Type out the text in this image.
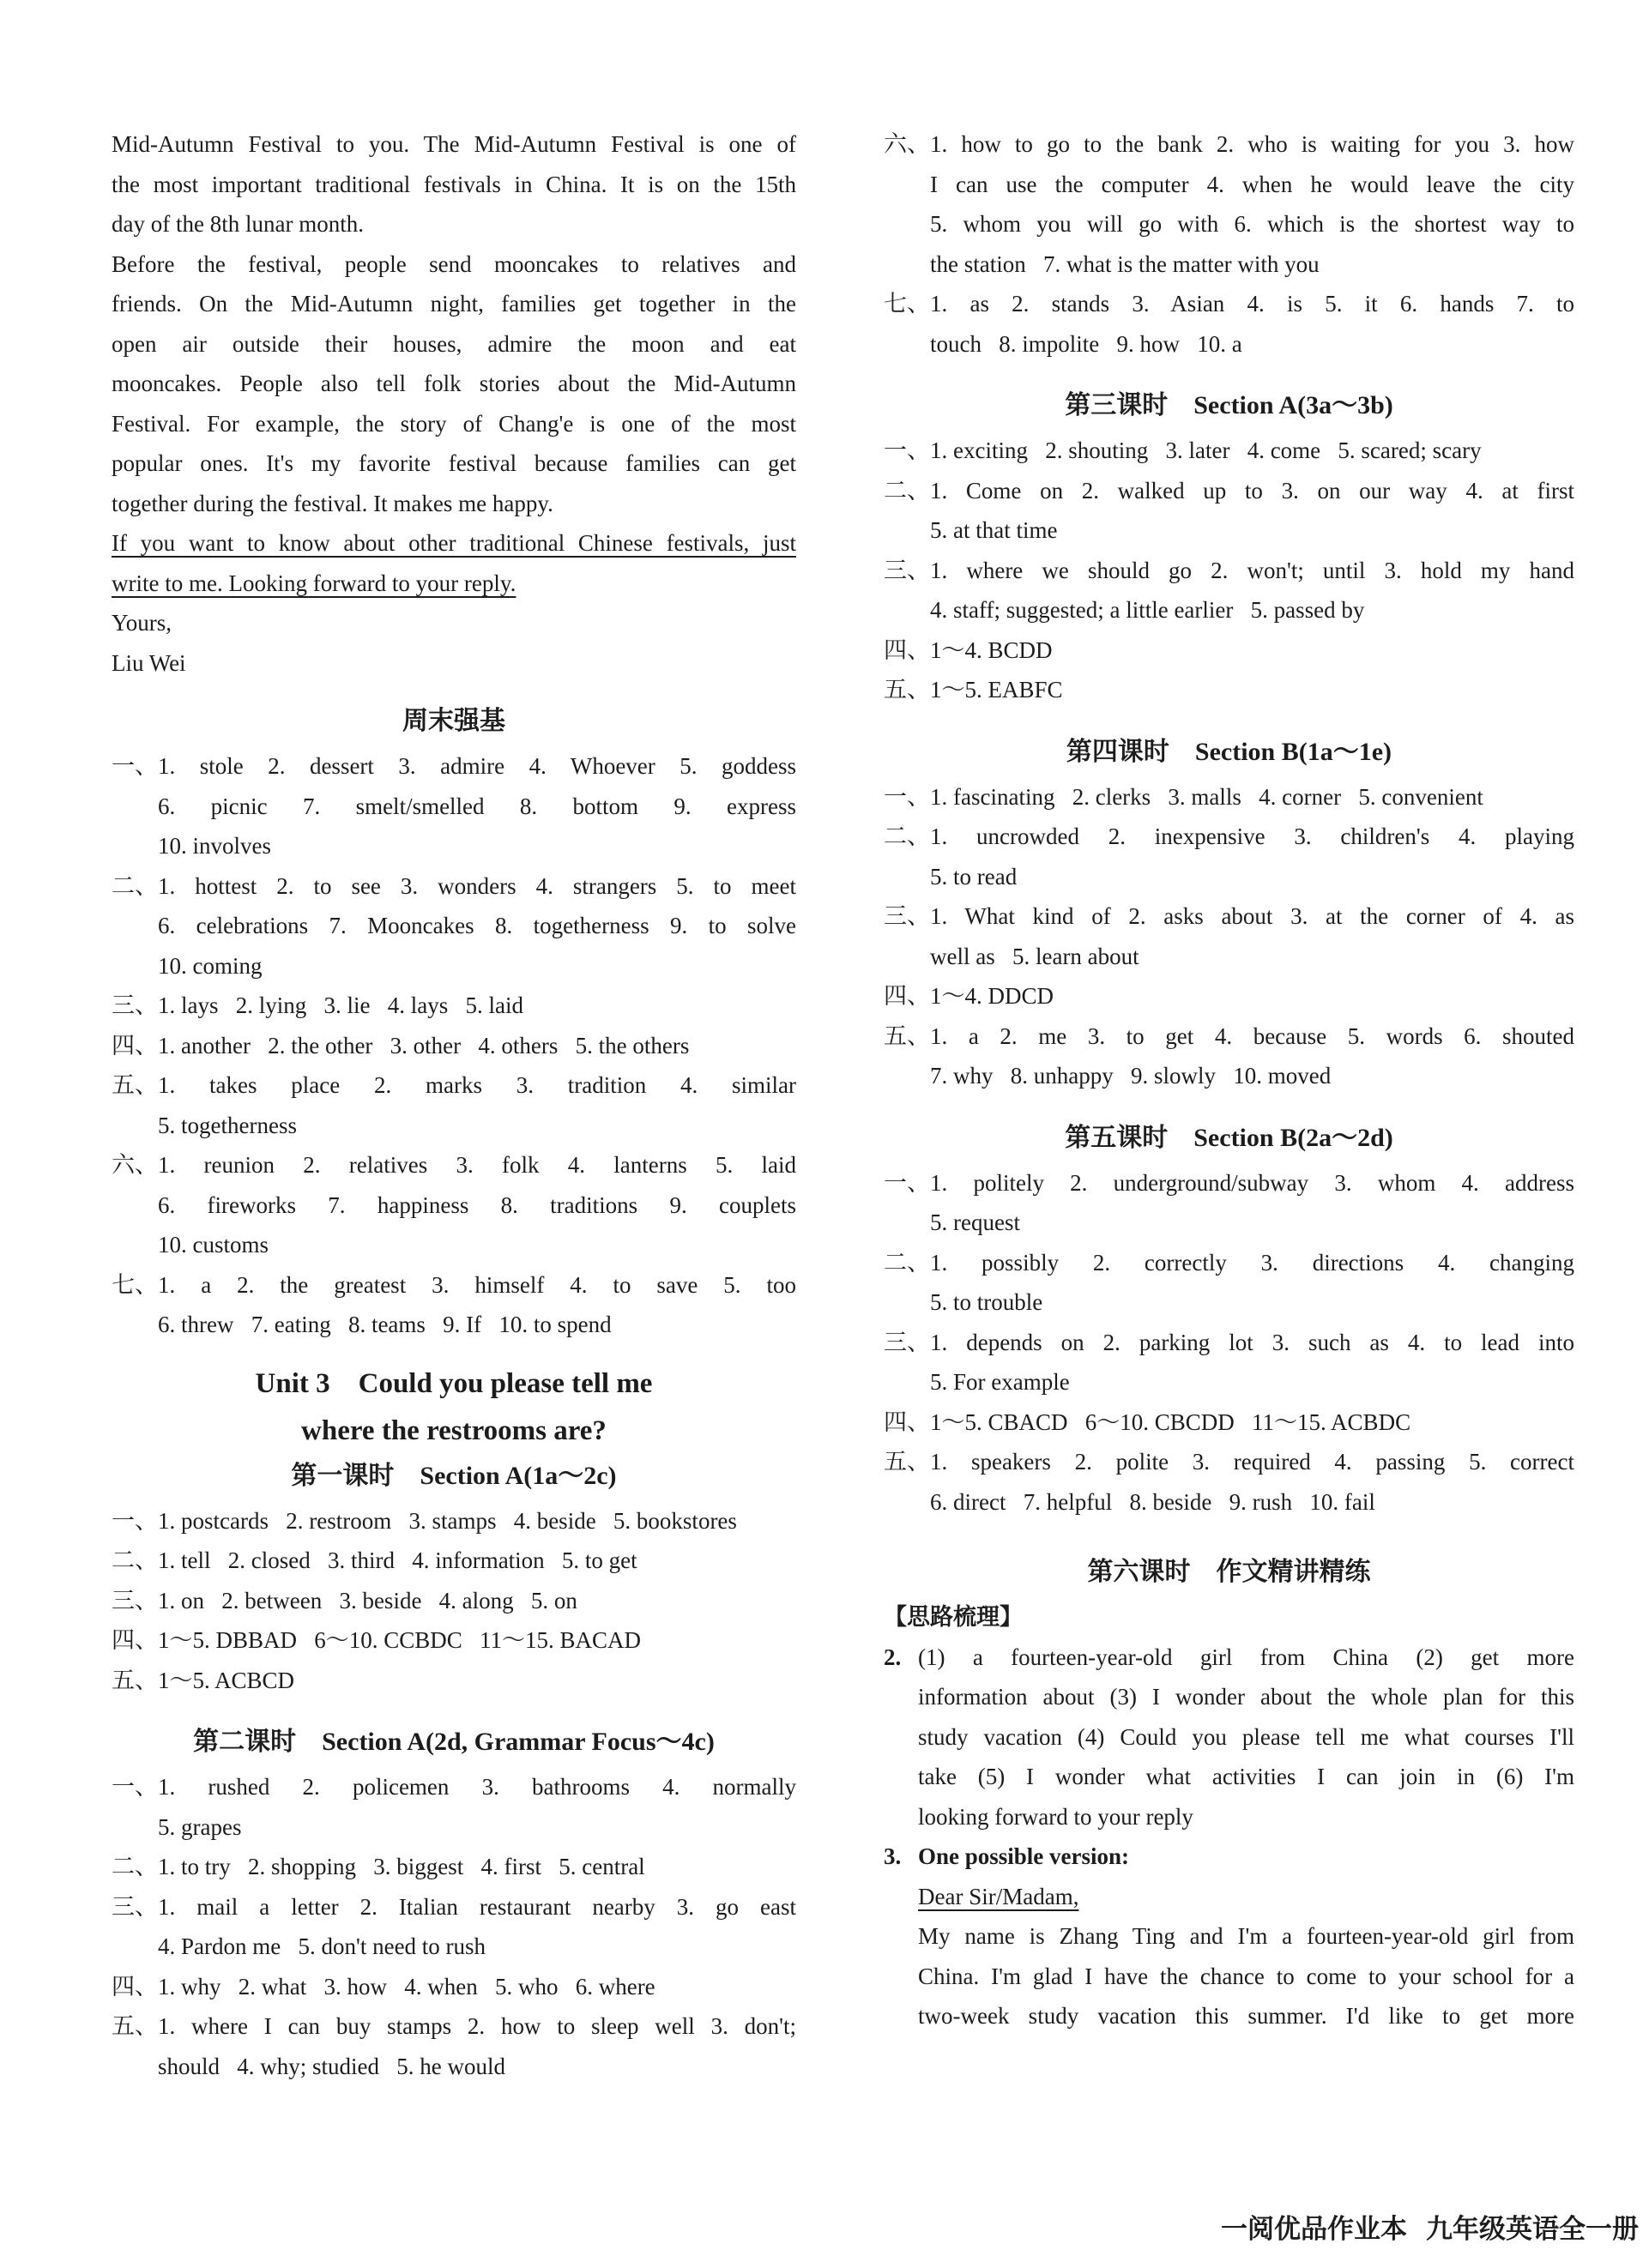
Mid-Autumn Festival to you. The Mid-Autumn Festival is one of

the most important traditional festivals in China. It is on the 15th

day of the 8th lunar month.

Before the festival, people send mooncakes to relatives and

friends. On the Mid-Autumn night, families get together in the

open air outside their houses, admire the moon and eat

mooncakes. People also tell folk stories about the Mid-Autumn

Festival. For example, the story of Chang'e is one of the most

popular ones. It's my favorite festival because families can get

together during the festival. It makes me happy.

If you want to know about other traditional Chinese festivals, just

write to me. Looking forward to your reply.

Yours,

Liu Wei

周末强基
一、 1. stole 2. dessert 3. admire 4. Whoever 5. goddess
6. picnic 7. smelt/smelled 8. bottom 9. express
10. involves
二、 1. hottest 2. to see 3. wonders 4. strangers 5. to meet
6. celebrations 7. Mooncakes 8. togetherness 9. to solve
10. coming
三、 1. lays   2. lying   3. lie   4. lays   5. laid
四、 1. another   2. the other   3. other   4. others   5. the others
五、 1. takes place 2. marks 3. tradition 4. similar
5. togetherness
六、 1. reunion 2. relatives 3. folk 4. lanterns 5. laid
6. fireworks 7. happiness 8. traditions 9. couplets
10. customs
七、 1. a 2. the greatest 3. himself 4. to save 5. too
6. threw   7. eating   8. teams   9. If   10. to spend
Unit 3    Could you please tell me
where the restrooms are?
第一课时    Section A(1a～2c)
一、 1. postcards   2. restroom   3. stamps   4. beside   5. bookstores
二、 1. tell   2. closed   3. third   4. information   5. to get
三、 1. on   2. between   3. beside   4. along   5. on
四、 1～5. DBBAD   6～10. CCBDC   11～15. BACAD
五、 1～5. ACBCD
第二课时    Section A(2d, Grammar Focus～4c)
一、 1. rushed 2. policemen 3. bathrooms 4. normally
5. grapes
二、 1. to try   2. shopping   3. biggest   4. first   5. central
三、 1. mail a letter 2. Italian restaurant nearby 3. go east
4. Pardon me   5. don't need to rush
四、 1. why   2. what   3. how   4. when   5. who   6. where
五、 1. where I can buy stamps 2. how to sleep well 3. don't;
should   4. why; studied   5. he would
六、 1. how to go to the bank 2. who is waiting for you 3. how
I can use the computer 4. when he would leave the city
5. whom you will go with 6. which is the shortest way to
the station   7. what is the matter with you
七、 1. as 2. stands 3. Asian 4. is 5. it 6. hands 7. to
touch   8. impolite   9. how   10. a
第三课时    Section A(3a～3b)
一、 1. exciting   2. shouting   3. later   4. come   5. scared; scary
二、 1. Come on 2. walked up to 3. on our way 4. at first
5. at that time
三、 1. where we should go 2. won't; until 3. hold my hand
4. staff; suggested; a little earlier   5. passed by
四、 1～4. BCDD
五、 1～5. EABFC
第四课时    Section B(1a～1e)
一、 1. fascinating   2. clerks   3. malls   4. corner   5. convenient
二、 1. uncrowded 2. inexpensive 3. children's 4. playing
5. to read
三、 1. What kind of 2. asks about 3. at the corner of 4. as
well as   5. learn about
四、 1～4. DDCD
五、 1. a 2. me 3. to get 4. because 5. words 6. shouted
7. why   8. unhappy   9. slowly   10. moved
第五课时    Section B(2a～2d)
一、 1. politely 2. underground/subway 3. whom 4. address
5. request
二、 1. possibly 2. correctly 3. directions 4. changing
5. to trouble
三、 1. depends on 2. parking lot 3. such as 4. to lead into
5. For example
四、 1～5. CBACD   6～10. CBCDD   11～15. ACBDC
五、 1. speakers 2. polite 3. required 4. passing 5. correct
6. direct   7. helpful   8. beside   9. rush   10. fail
第六课时    作文精讲精练
【思路梳理】
2. (1) a fourteen-year-old girl from China (2) get more
information about (3) I wonder about the whole plan for this
study vacation (4) Could you please tell me what courses I'll
take (5) I wonder what activities I can join in (6) I'm
looking forward to your reply
3. One possible version:
Dear Sir/Madam,
My name is Zhang Ting and I'm a fourteen-year-old girl from
China. I'm glad I have the chance to come to your school for a
two-week study vacation this summer. I'd like to get more
一阅优品作业本 九年级英语全一册
